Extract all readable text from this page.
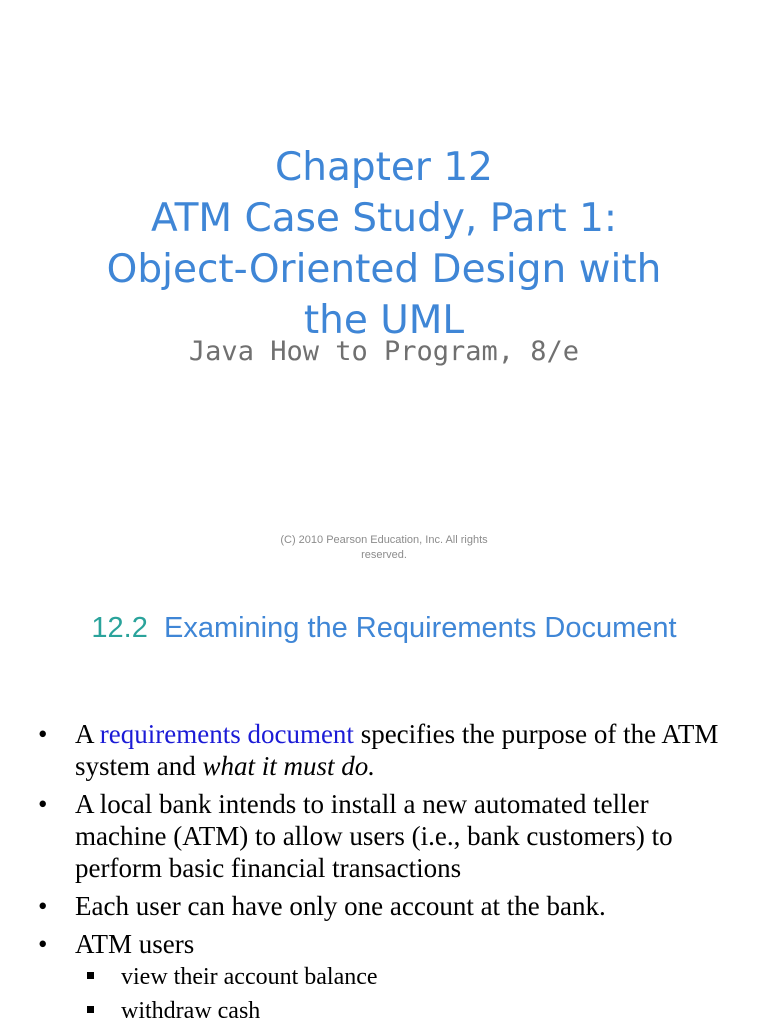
Chapter 12
ATM Case Study, Part 1:
Object-Oriented Design with
the UML
Java How to Program, 8/e
(C) 2010 Pearson Education, Inc. All rights reserved.
12.2 Examining the Requirements Document
• A requirements document specifies the purpose of the ATM system and what it must do.
• A local bank intends to install a new automated teller machine (ATM) to allow users (i.e., bank customers) to perform basic financial transactions
• Each user can have only one account at the bank.
• ATM users
view their account balance
withdraw cash
